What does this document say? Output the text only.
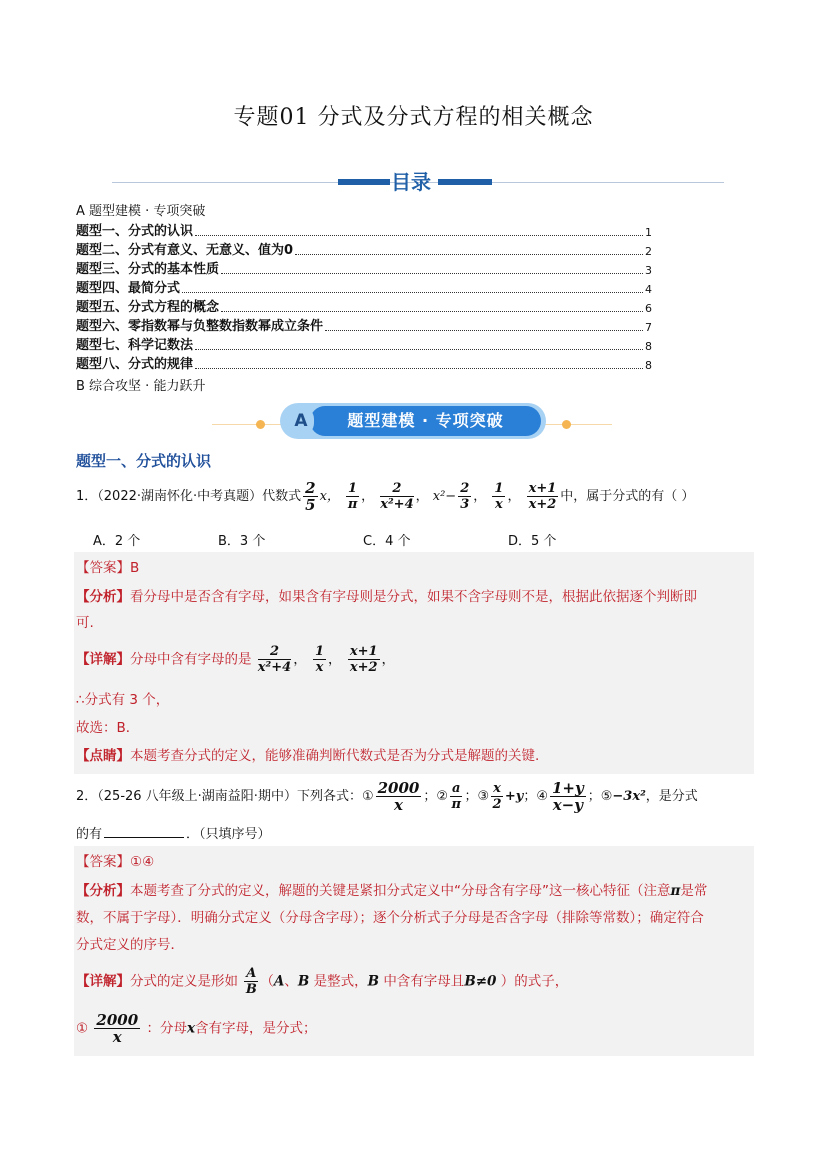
专题01 分式及分式方程的相关概念
目录
A 题型建模 · 专项突破
题型一、分式的认识	1
题型二、分式有意义、无意义、值为0	2
题型三、分式的基本性质	3
题型四、最简分式	4
题型五、分式方程的概念	6
题型六、零指数幂与负整数指数幂成立条件	7
题型七、科学记数法	8
题型八、分式的规律	8
B 综合攻坚 · 能力跃升
题型建模 · 专项突破
A
题型一、分式的认识
1．（2022·湖南怀化·中考真题）代数式 $\frac{2}{5}$ x， $\frac{1}{\pi}$ ， $\frac{2}{\text{x²+4}}$ ， $x^2- \frac{2}{3}$ ， $\frac{1}{x}$ ， $\frac{x+1}{x+2}$ 中，属于分式的有（ ）
A．2 个	B．3 个	C．4 个	D．5 个
【答案】B
【分析】看分母中是否含有字母，如果含有字母则是分式，如果不含字母则不是，根据此依据逐个判断即
可.
【详解】分母中含有字母的是 $\frac{2}{\text{x²+4}}$ ， $\frac{1}{x}$ ， $\frac{x+1}{x+2}$ ，
∴分式有 3 个，
故选：B．
【点睛】本题考查分式的定义，能够准确判断代数式是否为分式是解题的关键.
2．（25-26 八年级上·湖南益阳·期中）下列各式：① $\frac{2000}{x}$ ；② $\frac{a}{\pi}$ ；③ $\frac{x}{2} +y$；④ $\frac{1+y}{x-y}$ ；⑤−3x²，是分式
的有	．（只填序号）
【答案】①④
【分析】本题考查了分式的定义，解题的关键是紧扣分式定义中“分母含有字母”这一核心特征（注意π是常
数，不属于字母）．明确分式定义（分母含字母）；逐个分析式子分母是否含字母（排除等常数）；确定符合
分式定义的序号．
【详解】分式的定义是形如 $\frac{A}{B} (A$、B 是整式，B 中含有字母且B≠0 ）的式子，
① $\frac{2000}{x}$ ：分母x含有字母，是分式；
